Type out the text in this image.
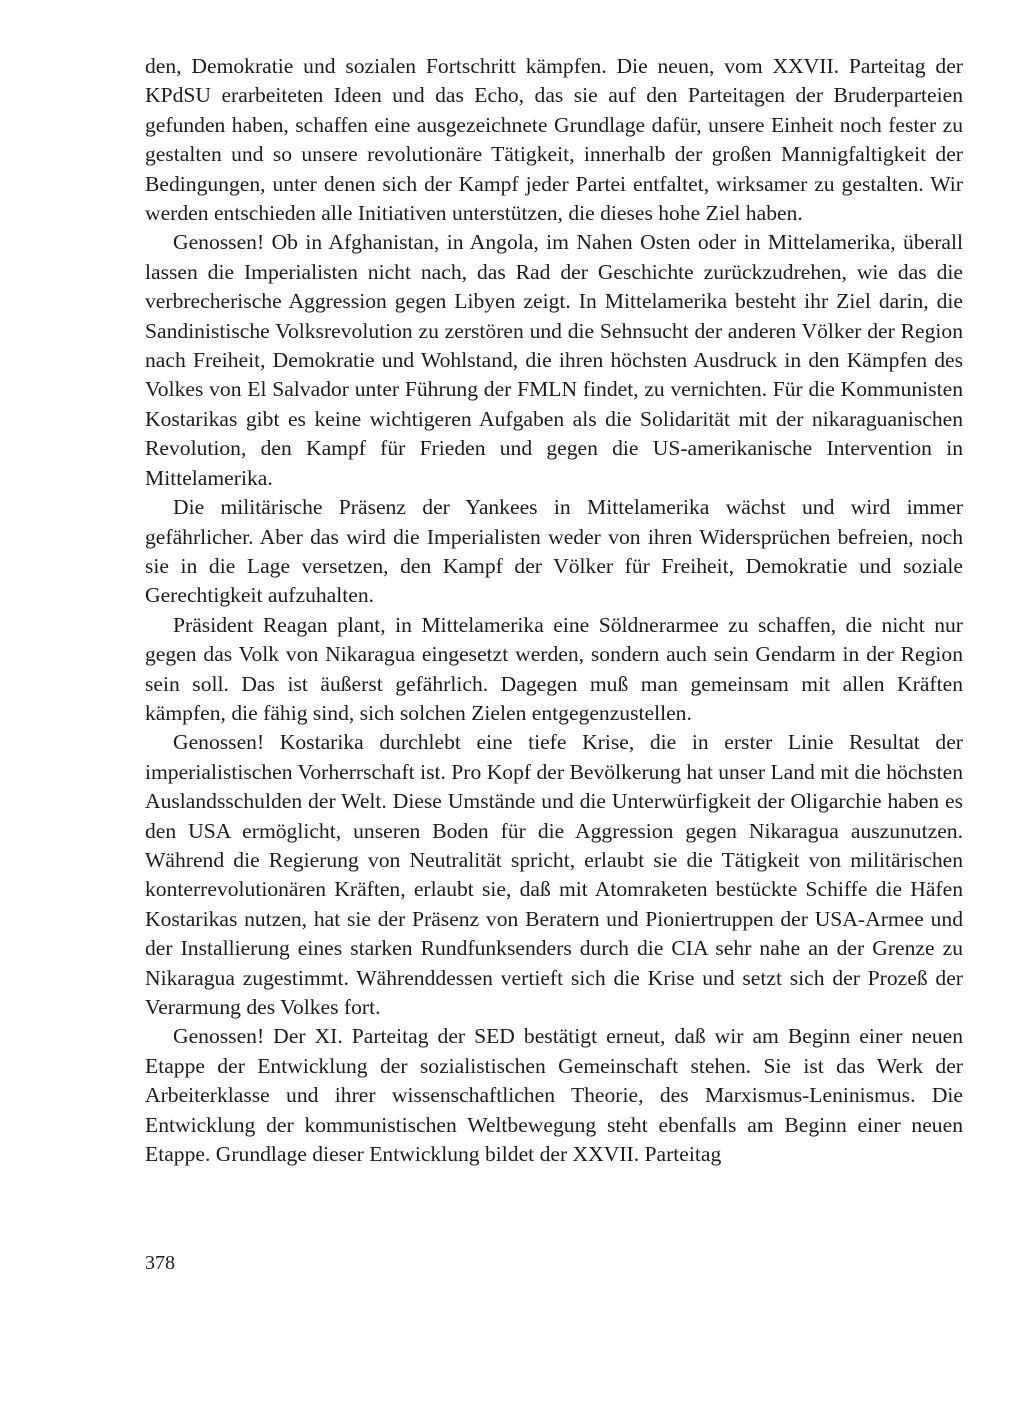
den, Demokratie und sozialen Fortschritt kämpfen. Die neuen, vom XXVII. Parteitag der KPdSU erarbeiteten Ideen und das Echo, das sie auf den Parteitagen der Bruderparteien gefunden haben, schaffen eine ausgezeichnete Grundlage dafür, unsere Einheit noch fester zu gestalten und so unsere revolutionäre Tätigkeit, innerhalb der großen Mannigfaltigkeit der Bedingungen, unter denen sich der Kampf jeder Partei entfaltet, wirksamer zu gestalten. Wir werden entschieden alle Initiativen unterstützen, die dieses hohe Ziel haben.

Genossen! Ob in Afghanistan, in Angola, im Nahen Osten oder in Mittelamerika, überall lassen die Imperialisten nicht nach, das Rad der Geschichte zurückzudrehen, wie das die verbrecherische Aggression gegen Libyen zeigt. In Mittelamerika besteht ihr Ziel darin, die Sandinistische Volksrevolution zu zerstören und die Sehnsucht der anderen Völker der Region nach Freiheit, Demokratie und Wohlstand, die ihren höchsten Ausdruck in den Kämpfen des Volkes von El Salvador unter Führung der FMLN findet, zu vernichten. Für die Kommunisten Kostarikas gibt es keine wichtigeren Aufgaben als die Solidarität mit der nikaraguanischen Revolution, den Kampf für Frieden und gegen die US-amerikanische Intervention in Mittelamerika.

Die militärische Präsenz der Yankees in Mittelamerika wächst und wird immer gefährlicher. Aber das wird die Imperialisten weder von ihren Widersprüchen befreien, noch sie in die Lage versetzen, den Kampf der Völker für Freiheit, Demokratie und soziale Gerechtigkeit aufzuhalten.

Präsident Reagan plant, in Mittelamerika eine Söldnerarmee zu schaffen, die nicht nur gegen das Volk von Nikaragua eingesetzt werden, sondern auch sein Gendarm in der Region sein soll. Das ist äußerst gefährlich. Dagegen muß man gemeinsam mit allen Kräften kämpfen, die fähig sind, sich solchen Zielen entgegenzustellen.

Genossen! Kostarika durchlebt eine tiefe Krise, die in erster Linie Resultat der imperialistischen Vorherrschaft ist. Pro Kopf der Bevölkerung hat unser Land mit die höchsten Auslandsschulden der Welt. Diese Umstände und die Unterwürfigkeit der Oligarchie haben es den USA ermöglicht, unseren Boden für die Aggression gegen Nikaragua auszunutzen. Während die Regierung von Neutralität spricht, erlaubt sie die Tätigkeit von militärischen konterrevolutionären Kräften, erlaubt sie, daß mit Atomraketen bestückte Schiffe die Häfen Kostarikas nutzen, hat sie der Präsenz von Beratern und Pioniertruppen der USA-Armee und der Installierung eines starken Rundfunksenders durch die CIA sehr nahe an der Grenze zu Nikaragua zugestimmt. Währenddessen vertieft sich die Krise und setzt sich der Prozeß der Verarmung des Volkes fort.

Genossen! Der XI. Parteitag der SED bestätigt erneut, daß wir am Beginn einer neuen Etappe der Entwicklung der sozialistischen Gemeinschaft stehen. Sie ist das Werk der Arbeiterklasse und ihrer wissenschaftlichen Theorie, des Marxismus-Leninismus. Die Entwicklung der kommunistischen Weltbewegung steht ebenfalls am Beginn einer neuen Etappe. Grundlage dieser Entwicklung bildet der XXVII. Parteitag

378
